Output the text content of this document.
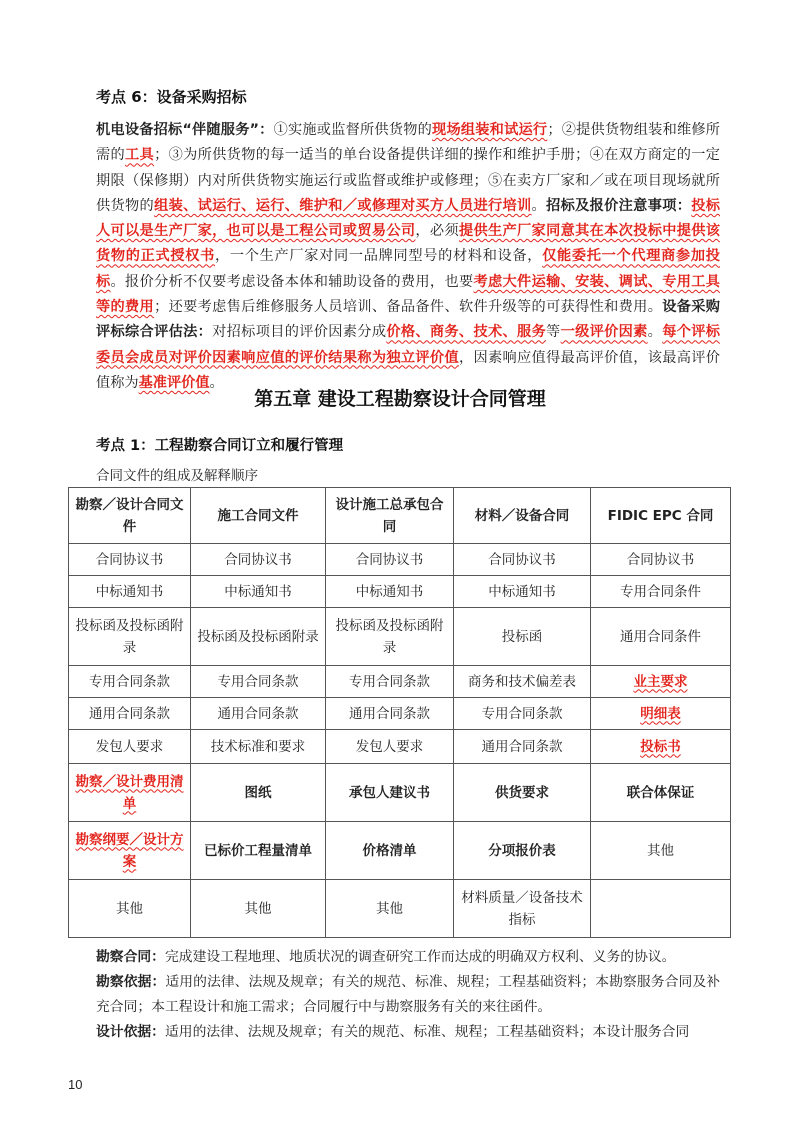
考点 6：设备采购招标
机电设备招标“伴随服务”：①实施或监督所供货物的现场组装和试运行；②提供货物组装和维修所需的工具；③为所供货物的每一适当的单台设备提供详细的操作和维护手册；④在双方商定的一定期限（保修期）内对所供货物实施运行或监督或维护或修理；⑤在卖方厂家和／或在项目现场就所供货物的组装、试运行、运行、维护和／或修理对买方人员进行培训。招标及报价注意事项：投标人可以是生产厂家，也可以是工程公司或贸易公司，必须提供生产厂家同意其在本次投标中提供该货物的正式授权书，一个生产厂家对同一品牌同型号的材料和设备，仅能委托一个代理商参加投标。报价分析不仅要考虑设备本体和辅助设备的费用，也要考虑大件运输、安装、调试、专用工具等的费用；还要考虑售后维修服务人员培训、备品备件、软件升级等的可获得性和费用。设备采购评标综合评估法：对招标项目的评价因素分成价格、商务、技术、服务等一级评价因素。每个评标委员会成员对评价因素响应值的评价结果称为独立评价值，因素响应值得最高评价值，该最高评价值称为基准评价值。
第五章 建设工程勘察设计合同管理
考点 1：工程勘察合同订立和履行管理
合同文件的组成及解释顺序
勘察／设计合同文件	施工合同文件	设计施工总承包合同	材料／设备合同	FIDIC EPC 合同
合同协议书	合同协议书	合同协议书	合同协议书	合同协议书
中标通知书	中标通知书	中标通知书	中标通知书	专用合同条件
投标函及投标函附录	投标函及投标函附录	投标函及投标函附录	投标函	通用合同条件
专用合同条款	专用合同条款	专用合同条款	商务和技术偏差表	业主要求
通用合同条款	通用合同条款	通用合同条款	专用合同条款	明细表
发包人要求	技术标准和要求	发包人要求	通用合同条款	投标书
勘察／设计费用清单	图纸	承包人建议书	供货要求	联合体保证
勘察纲要／设计方案	已标价工程量清单	价格清单	分项报价表	其他
其他	其他	其他	材料质量／设备技术指标	

勘察合同：完成建设工程地理、地质状况的调查研究工作而达成的明确双方权利、义务的协议。

勘察依据：适用的法律、法规及规章；有关的规范、标准、规程；工程基础资料；本勘察服务合同及补充合同；本工程设计和施工需求；合同履行中与勘察服务有关的来往函件。

设计依据：适用的法律、法规及规章；有关的规范、标准、规程；工程基础资料；本设计服务合同

10
